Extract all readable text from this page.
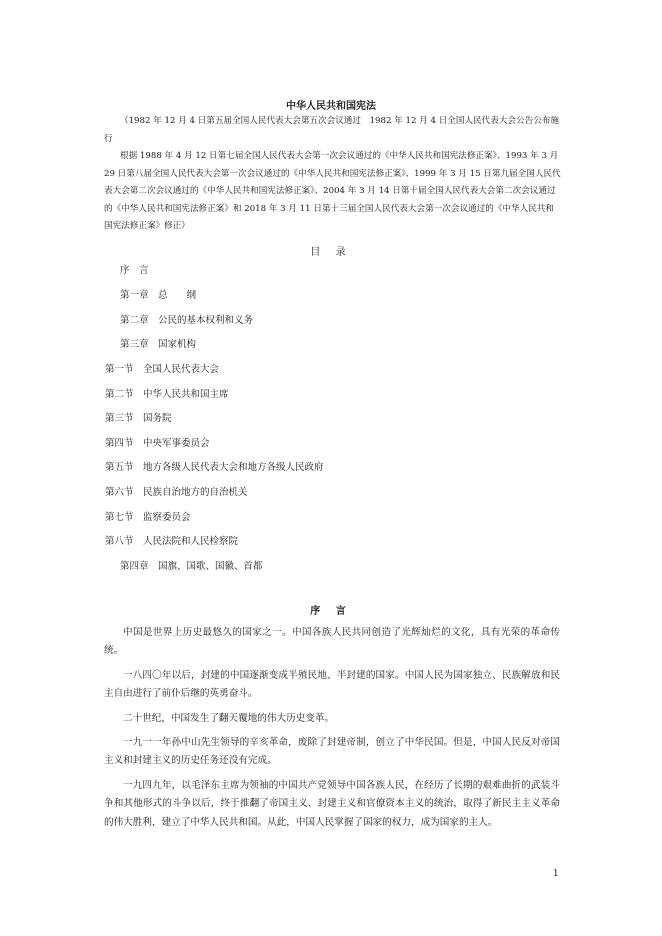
中华人民共和国宪法

（1982 年 12 月 4 日第五届全国人民代表大会第五次会议通过　1982 年 12 月 4 日全国人民代表大会公告公布施行

根据 1988 年 4 月 12 日第七届全国人民代表大会第一次会议通过的《中华人民共和国宪法修正案》、1993 年 3 月 29 日第八届全国人民代表大会第一次会议通过的《中华人民共和国宪法修正案》、1999 年 3 月 15 日第九届全国人民代表大会第二次会议通过的《中华人民共和国宪法修正案》、2004 年 3 月 14 日第十届全国人民代表大会第二次会议通过的《中华人民共和国宪法修正案》和 2018 年 3 月 11 日第十三届全国人民代表大会第一次会议通过的《中华人民共和国宪法修正案》修正）

目 录
序　言
第一章　总　　纲
第二章　公民的基本权利和义务
第三章　国家机构
第一节　全国人民代表大会
第二节　中华人民共和国主席
第三节　国务院
第四节　中央军事委员会
第五节　地方各级人民代表大会和地方各级人民政府
第六节　民族自治地方的自治机关
第七节　监察委员会
第八节　人民法院和人民检察院
第四章　国旗、国歌、国徽、首都
序 言

中国是世界上历史最悠久的国家之一。中国各族人民共同创造了光辉灿烂的文化，具有光荣的革命传统。

一八四〇年以后，封建的中国逐渐变成半殖民地、半封建的国家。中国人民为国家独立、民族解放和民主自由进行了前仆后继的英勇奋斗。

二十世纪，中国发生了翻天覆地的伟大历史变革。

一九一一年孙中山先生领导的辛亥革命，废除了封建帝制，创立了中华民国。但是，中国人民反对帝国主义和封建主义的历史任务还没有完成。

一九四九年，以毛泽东主席为领袖的中国共产党领导中国各族人民，在经历了长期的艰难曲折的武装斗争和其他形式的斗争以后，终于推翻了帝国主义、封建主义和官僚资本主义的统治，取得了新民主主义革命的伟大胜利，建立了中华人民共和国。从此，中国人民掌握了国家的权力，成为国家的主人。

1
